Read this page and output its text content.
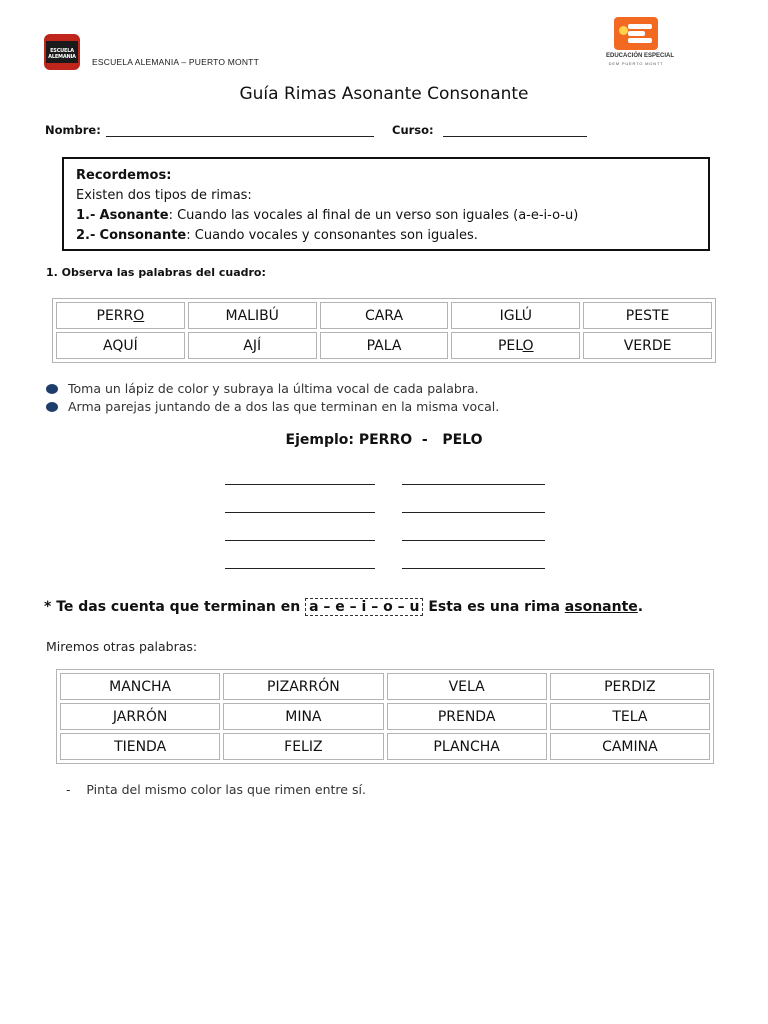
ESCUELA ALEMANIA ESCUELA ALEMANIA – PUERTO MONTT
EDUCACIÓN ESPECIAL
DEM PUERTO MONTT
Guía Rimas Asonante Consonante
Nombre:	Curso:
Recordemos:
Existen dos tipos de rimas:
1.- Asonante: Cuando las vocales al final de un verso son iguales (a-e-i-o-u)
2.- Consonante: Cuando vocales y consonantes son iguales.
1. Observa las palabras del cuadro:
PERRO	MALIBÚ	CARA	IGLÚ	PESTE
AQUÍ	AJÍ	PALA	PELO	VERDE
Toma un lápiz de color y subraya la última vocal de cada palabra.
Arma parejas juntando de a dos las que terminan en la misma vocal.
Ejemplo: PERRO - PELO
* Te das cuenta que terminan en a – e – i – o – u Esta es una rima asonante.
Miremos otras palabras:
MANCHA	PIZARRÓN	VELA	PERDIZ
JARRÓN	MINA	PRENDA	TELA
TIENDA	FELIZ	PLANCHA	CAMINA
- Pinta del mismo color las que rimen entre sí.
